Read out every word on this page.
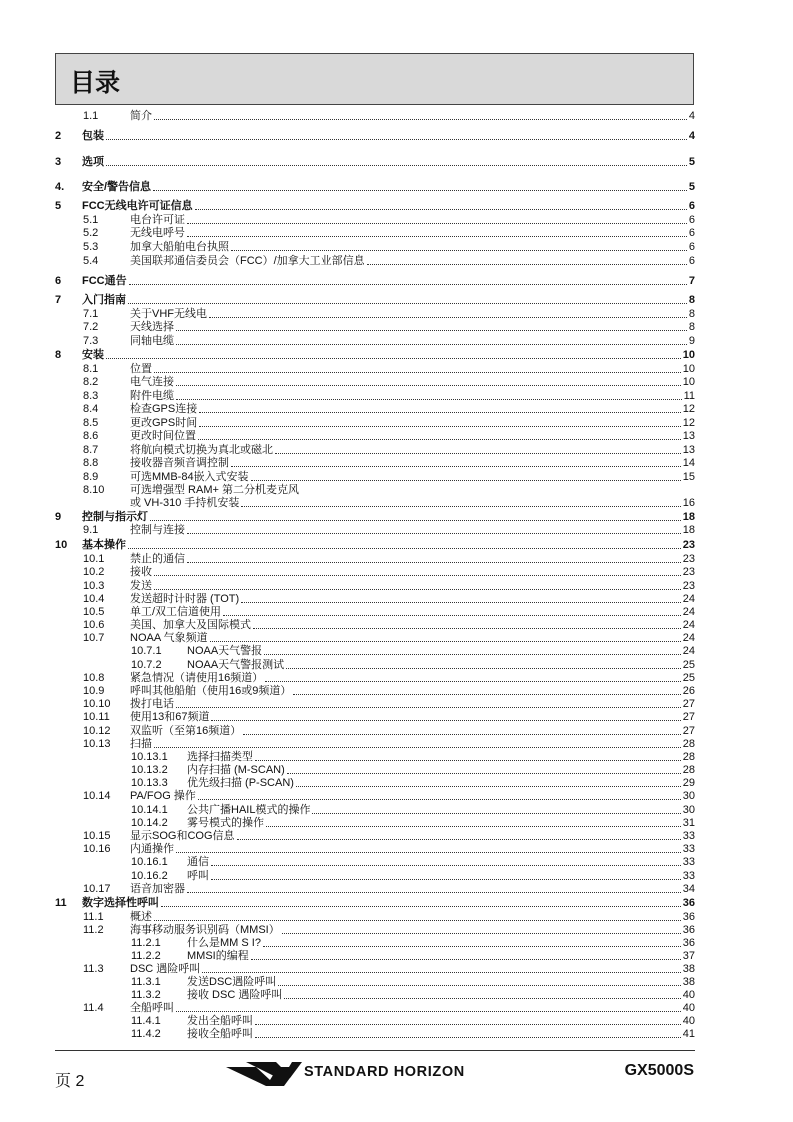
目录
1.1	简介	4
2 包装	4
3 选项	5
4. 安全/警告信息	5
5 FCC无线电许可证信息	6
5.1	电台许可证	6
5.2	无线电呼号	6
5.3	加拿大船舶电台执照	6
5.4	美国联邦通信委员会（FCC）/加拿大工业部信息	6
6 FCC通告	7
7 入门指南	8
7.1	关于VHF无线电	8
7.2	天线选择	8
7.3	同轴电缆	9
8 安装	10
8.1	位置	10
8.2	电气连接	10
8.3	附件电缆	11
8.4	检查GPS连接	12
8.5	更改GPS时间	12
8.6	更改时间位置	13
8.7	将航向模式切换为真北或磁北	13
8.8	接收器音频音调控制	14
8.9	可选MMB-84嵌入式安装	15
8.10 可选增强型 RAM+ 第二分机麦克风
或 VH-310 手持机安装	16
9 控制与指示灯	18
9.1	控制与连接	18
10 基本操作	23
10.1 禁止的通信	23
10.2 接收	23
10.3 发送	23
10.4 发送超时计时器 (TOT)	24
10.5 单工/双工信道使用	24
10.6 美国、加拿大及国际模式	24
10.7 NOAA 气象频道	24
10.7.1 NOAA天气警报	24
10.7.2 NOAA天气警报测试	25
10.8 紧急情况（请使用16频道）	25
10.9 呼叫其他船舶（使用16或9频道）	26
10.10 拨打电话	27
10.11 使用13和67频道	27
10.12 双监听（至第16频道）	27
10.13 扫描	28
10.13.1 选择扫描类型	28
10.13.2 内存扫描 (M-SCAN)	28
10.13.3 优先级扫描 (P-SCAN)	29
10.14 PA/FOG 操作	30
10.14.1 公共广播HAIL模式的操作	30
10.14.2 雾号模式的操作	31
10.15 显示SOG和COG信息	33
10.16 内通操作	33
10.16.1 通信	33
10.16.2 呼叫	33
10.17 语音加密器	34
11 数字选择性呼叫	36
11.1 概述	36
11.2 海事移动服务识别码（MMSI）	36
11.2.1 什么是MM S I?	36
11.2.2 MMSI的编程	37
11.3 DSC 遇险呼叫	38
11.3.1 发送DSC遇险呼叫	38
11.3.2 接收 DSC 遇险呼叫	40
11.4 全船呼叫	40
11.4.1 发出全船呼叫	40
11.4.2 接收全船呼叫	41
页 2
STANDARD HORIZON	GX5000S
